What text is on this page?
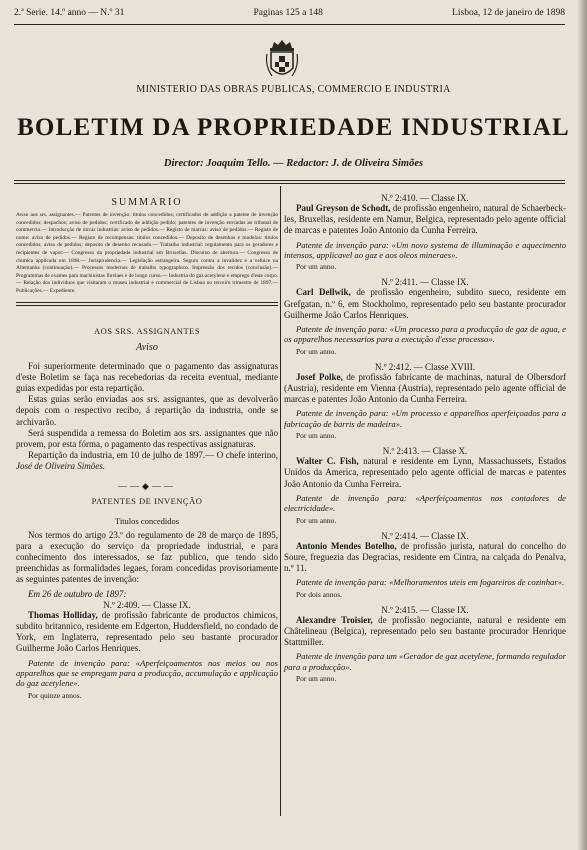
2.ª Serie. 14.º anno — N.º 31	Paginas 125 a 148	Lisboa, 12 de janeiro de 1898
MINISTERIO DAS OBRAS PUBLICAS, COMMERCIO E INDUSTRIA
BOLETIM DA PROPRIEDADE INDUSTRIAL
Director: Joaquim Tello. — Redactor: J. de Oliveira Simões
SUMMARIO

Aviso aos srs. assignantes.— Patentes de invenção: titulos concedidos; certificados de addição a patente de invenção concedidos; despachos; aviso de pedidos; certificado de addição pedido; patentes de invenção enviadas ao tribunal de commercio.— Introducção de novas industrias: aviso de pedidos.— Registo de marcas: aviso de pedidos.— Registo de nome: aviso de pedidos.— Registo de recompensas: titulos concedidos.— Deposito de desenhos e modelos: titulos concedidos; aviso de pedidos; deposito de desenho recusado.— Trabalho industrial: regulamento para os geradores e recipientes de vapor.— Congresso da propriedade industrial em Bruxellas. Discurso de abertura.— Congresso de chimica applicada em 1898.— Jurisprudencia.— Legislação estrangeira. Seguro contra a invalidez e a velhice na Allemanha (continuação).— Processos modernos de trabalho typographico. Impressão dos tecidos (conclusão).— Programmas de exames para machinistas fluviaes e de longo curso.— Industria do gaz acetylene e emprego d'este corpo.— Relação dos individuos que visitaram o museu industrial e commercial de Lisboa no terceiro trimestre de 1897.— Publicações.— Expediente.

AOS SRS. ASSIGNANTES
Aviso

Foi superiormente determinado que o pagamento das assignaturas d'este Boletim se faça nas recebedorias da receita eventual, mediante guias expedidas por esta repartição.

Estas guias serão enviadas aos srs. assignantes, que as devolverão depois com o respectivo recibo, á repartição da industria, onde se archivarão.

Será suspendida a remessa do Boletim aos srs. assignantes que não provem, por esta fórma, o pagamento das respectivas assignaturas.

Repartição da industria, em 10 de julho de 1897.— O chefe interino, José de Oliveira Simões.

——◆——
PATENTES DE INVENÇÃO
Titulos concedidos

Nos termos do artigo 23.º do regulamento de 28 de março de 1895, para a execução do serviço da propriedade industrial, e para conhecimento dos interessados, se faz publico, que tendo sido preenchidas as formalidades legaes, foram concedidas provisoriamente as seguintes patentes de invenção:

Em 26 de outubro de 1897:

N.º 2:409. — Classe IX.

Thomas Holliday, de profissão fabricante de productos chimicos, subdito britannico, residente em Edgerton, Huddersfield, no condado de York, em Inglaterra, representado pelo seu bastante procurador Guilherme João Carlos Henriques.

Patente de invenção para: «Aperfeiçoamentos nos meios ou nos apparelhos que se empregam para a producção, accumulação e applicação do gaz acetylene».

Por quinze annos.

N.º 2:410. — Classe IX.

Paul Greyson de Schodt, de profissão engenheiro, natural de Schaerbeck-les, Bruxellas, residente em Namur, Belgica, representado pelo agente official de marcas e patentes João Antonio da Cunha Ferreira.

Patente de invenção para: «Um novo systema de illuminação e aquecimento intensos, applicavel ao gaz e aos oleos mineraes».

Por um anno.

N.º 2:411. — Classe IX.

Carl Dellwik, de profissão engenheiro, subdito sueco, residente em Grefgatan, n.º 6, em Stockholmo, representado pelo seu bastante procurador Guilherme João Carlos Henriques.

Patente de invenção para: «Um processo para a producção de gaz de agua, e os apparelhos necessarios para a execução d'esse processo».

Por um anno.

N.º 2:412. — Classe XVIII.

Josef Polke, de profissão fabricante de machinas, natural de Olbersdorf (Austria), residente em Vienna (Austria), representado pelo agente official de marcas e patentes João Antonio da Cunha Ferreira.

Patente de invenção para: «Um processo e apparelhos aperfeiçoados para a fabricação de barris de madeira».

Por um anno.

N.º 2:413. — Classe X.

Walter C. Fish, natural e residente em Lynn, Massachussets, Estados Unidos da America, representado pelo agente official de marcas e patentes João Antonio da Cunha Ferreira.

Patente de invenção para: «Aperfeiçoamentos nos contadores de electricidade».

Por um anno.

N.º 2:414. — Classe IX.

Antonio Mendes Botelho, de profissão jurista, natural do concelho do Soure, freguezia das Degracias, residente em Cintra, na calçada do Penalva, n.º 11.

Patente de invenção para: «Melhoramentos uteis em fogareiros de cozinhar».

Por dois annos.

N.º 2:415. — Classe IX.

Alexandre Troisier, de profissão negociante, natural e residente em Châtelineau (Belgica), representado pelo seu bastante procurador Henrique Stattmiller.

Patente de invenção para um «Gerador de gaz acetylene, formando regulador para a producção».

Por um anno.
